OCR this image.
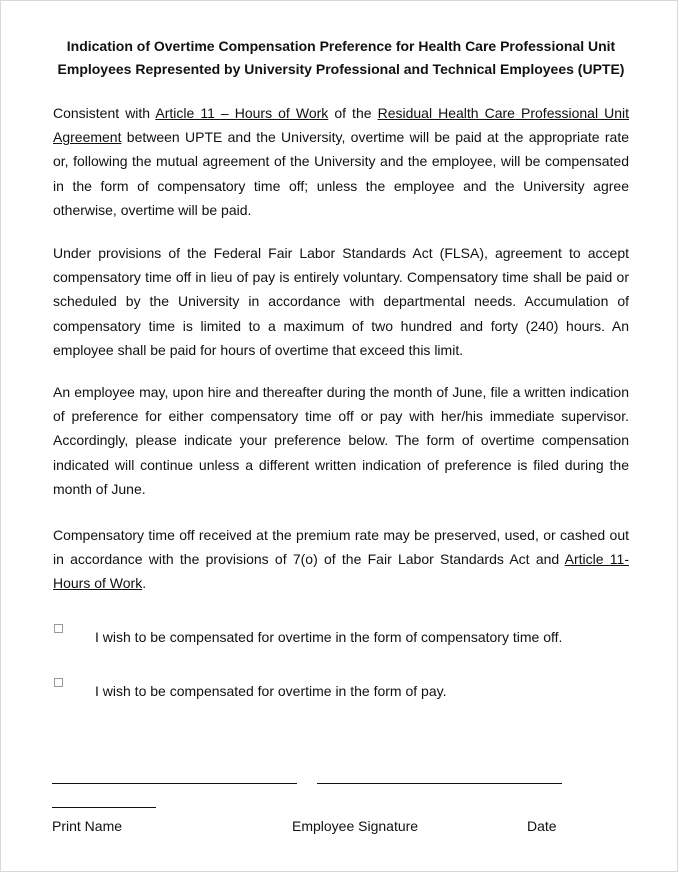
Indication of Overtime Compensation Preference for Health Care Professional Unit
Employees Represented by University Professional and Technical Employees (UPTE)

Consistent with Article 11 – Hours of Work of the Residual Health Care Professional Unit Agreement between UPTE and the University, overtime will be paid at the appropriate rate or, following the mutual agreement of the University and the employee, will be compensated in the form of compensatory time off; unless the employee and the University agree otherwise, overtime will be paid.

Under provisions of the Federal Fair Labor Standards Act (FLSA), agreement to accept compensatory time off in lieu of pay is entirely voluntary. Compensatory time shall be paid or scheduled by the University in accordance with departmental needs. Accumulation of compensatory time is limited to a maximum of two hundred and forty (240) hours. An employee shall be paid for hours of overtime that exceed this limit.

An employee may, upon hire and thereafter during the month of June, file a written indication of preference for either compensatory time off or pay with her/his immediate supervisor. Accordingly, please indicate your preference below. The form of overtime compensation indicated will continue unless a different written indication of preference is filed during the month of June.

Compensatory time off received at the premium rate may be preserved, used, or cashed out in accordance with the provisions of 7(o) of the Fair Labor Standards Act and Article 11-Hours of Work.

I wish to be compensated for overtime in the form of compensatory time off.
I wish to be compensated for overtime in the form of pay.
Print Name	Employee Signature	Date
